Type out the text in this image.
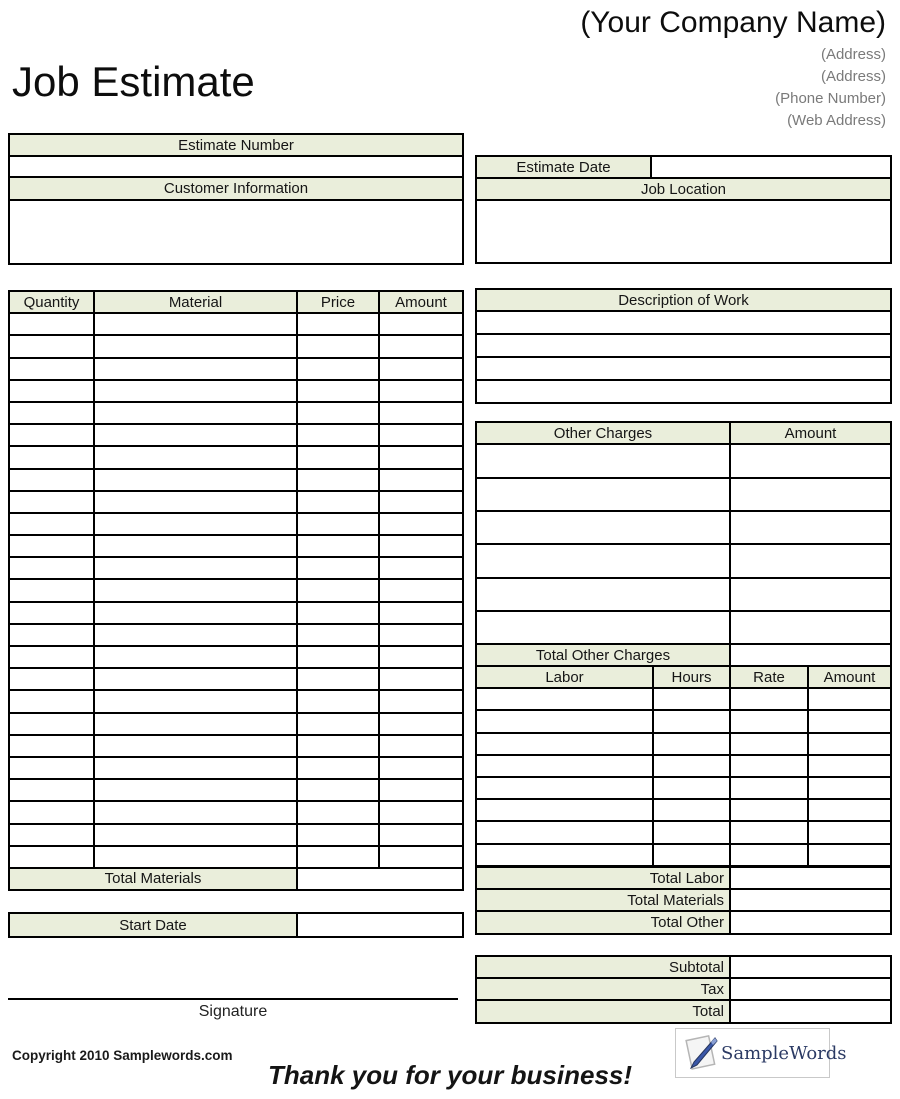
(Your Company Name)
(Address)
(Address)
(Phone Number)
(Web Address)
Job Estimate
Estimate Number
Customer Information
Estimate Date
Job Location
Quantity	Material	Price	Amount
Total Materials
Start Date
Description of Work
Other Charges	Amount
Total Other Charges
Labor	Hours	Rate	Amount
Total Labor
Total Materials
Total Other
Subtotal
Tax
Total
Signature
Copyright 2010 Samplewords.com
Thank you for your business!
SampleWords
